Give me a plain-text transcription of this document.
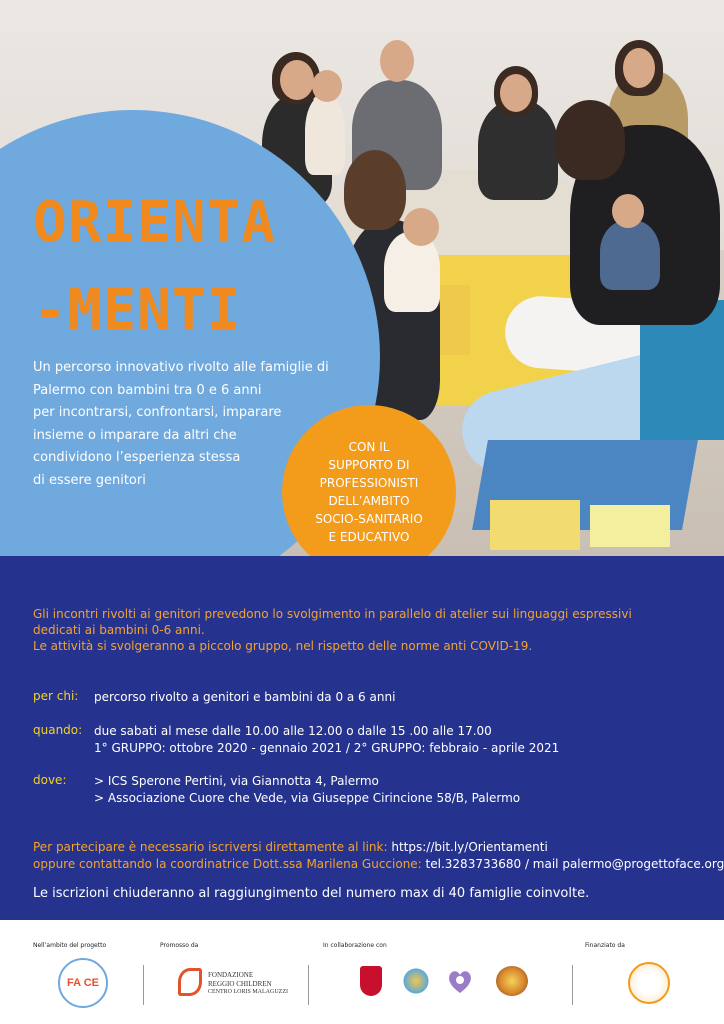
ORIENTA
-MENTI
Un percorso innovativo rivolto alle famiglie di
Palermo con bambini tra 0 e 6 anni
per incontrarsi, confrontarsi, imparare
insieme o imparare da altri che
condividono l’esperienza stessa
di essere genitori
CON IL
SUPPORTO DI
PROFESSIONISTI
DELL’AMBITO
SOCIO-SANITARIO
E EDUCATIVO
Gli incontri rivolti ai genitori prevedono lo svolgimento in parallelo di atelier sui linguaggi espressivi
dedicati ai bambini 0-6 anni.
Le attività si svolgeranno a piccolo gruppo, nel rispetto delle norme anti COVID-19.
per chi: percorso rivolto a genitori e bambini da 0 a 6 anni
quando: due sabati al mese dalle 10.00 alle 12.00 o dalle 15 .00 alle 17.00
1° GRUPPO: ottobre 2020 - gennaio 2021 / 2° GRUPPO: febbraio - aprile 2021
dove: > ICS Sperone Pertini, via Giannotta 4, Palermo
> Associazione Cuore che Vede, via Giuseppe Cirincione 58/B, Palermo
Per partecipare è necessario iscriversi direttamente al link: https://bit.ly/Orientamenti
oppure contattando la coordinatrice Dott.ssa Marilena Guccione: tel.3283733680 / mail palermo@progettoface.org
Le iscrizioni chiuderanno al raggiungimento del numero max di 40 famiglie coinvolte.
Nell’ambito del progetto	Promosso da	In collaborazione con	Finanziato da
FA CE
FONDAZIONE
REGGIO CHILDREN
CENTRO LORIS MALAGUZZI
